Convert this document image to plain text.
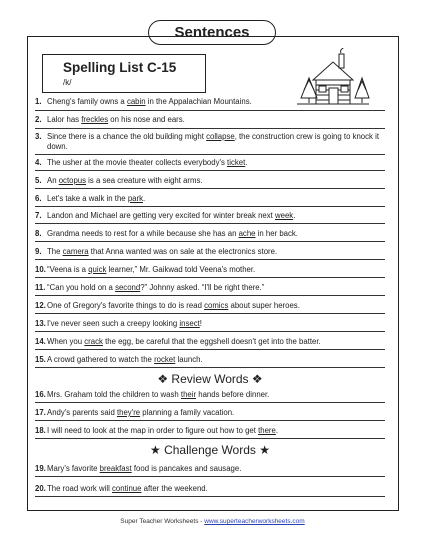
Sentences
Spelling List C-15
/k/
1. Cheng's family owns a cabin in the Appalachian Mountains.
2. Lalor has freckles on his nose and ears.
3. Since there is a chance the old building might collapse, the construction crew is going to knock it down.
4. The usher at the movie theater collects everybody's ticket.
5. An octopus is a sea creature with eight arms.
6. Let's take a walk in the park.
7. Landon and Michael are getting very excited for winter break next week.
8. Grandma needs to rest for a while because she has an ache in her back.
9. The camera that Anna wanted was on sale at the electronics store.
10. “Veena is a quick learner,” Mr. Gaikwad told Veena's mother.
11. “Can you hold on a second?” Johnny asked. “I'll be right there.”
12. One of Gregory's favorite things to do is read comics about super heroes.
13. I've never seen such a creepy looking insect!
14. When you crack the egg, be careful that the eggshell doesn't get into the batter.
15. A crowd gathered to watch the rocket launch.
❖ Review Words ❖
16. Mrs. Graham told the children to wash their hands before dinner.
17. Andy's parents said they're planning a family vacation.
18. I will need to look at the map in order to figure out how to get there.
★ Challenge Words ★
19. Mary's favorite breakfast food is pancakes and sausage.
20. The road work will continue after the weekend.
Super Teacher Worksheets - www.superteacherworksheets.com
